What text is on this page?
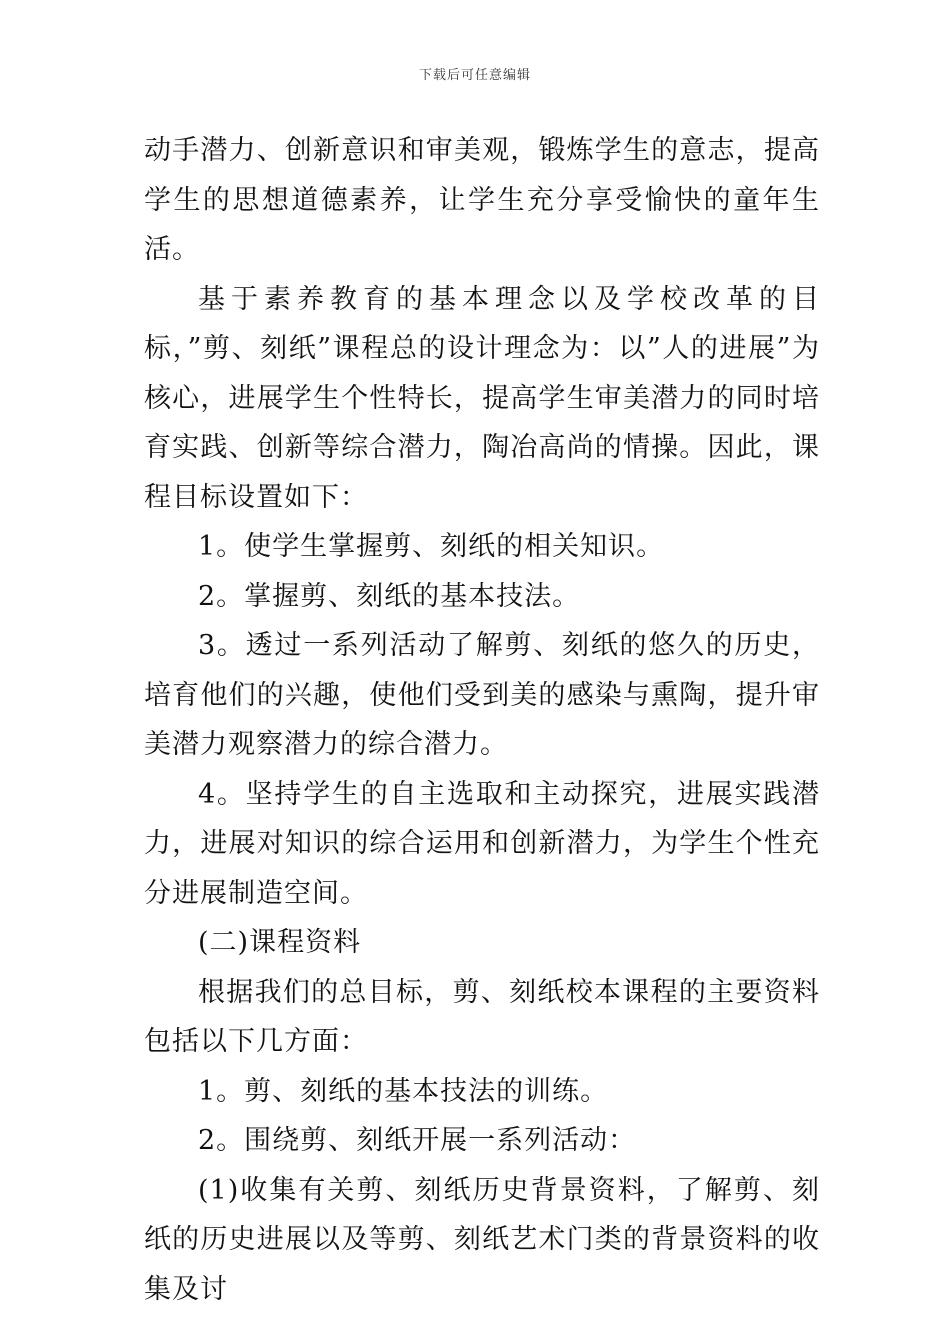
下载后可任意编辑

动手潜力、创新意识和审美观，锻炼学生的意志，提高学生的思想道德素养，让学生充分享受愉快的童年生活。

基于素养教育的基本理念以及学校改革的目标，”剪、刻纸”课程总的设计理念为：以”人的进展”为核心，进展学生个性特长，提高学生审美潜力的同时培育实践、创新等综合潜力，陶冶高尚的情操。因此，课程目标设置如下：

1。使学生掌握剪、刻纸的相关知识。

2。掌握剪、刻纸的基本技法。

3。透过一系列活动了解剪、刻纸的悠久的历史，培育他们的兴趣，使他们受到美的感染与熏陶，提升审美潜力观察潜力的综合潜力。

4。坚持学生的自主选取和主动探究，进展实践潜力，进展对知识的综合运用和创新潜力，为学生个性充分进展制造空间。

(二)课程资料

根据我们的总目标，剪、刻纸校本课程的主要资料包括以下几方面：

1。剪、刻纸的基本技法的训练。

2。围绕剪、刻纸开展一系列活动：

(1)收集有关剪、刻纸历史背景资料，了解剪、刻纸的历史进展以及等剪、刻纸艺术门类的背景资料的收集及讨
